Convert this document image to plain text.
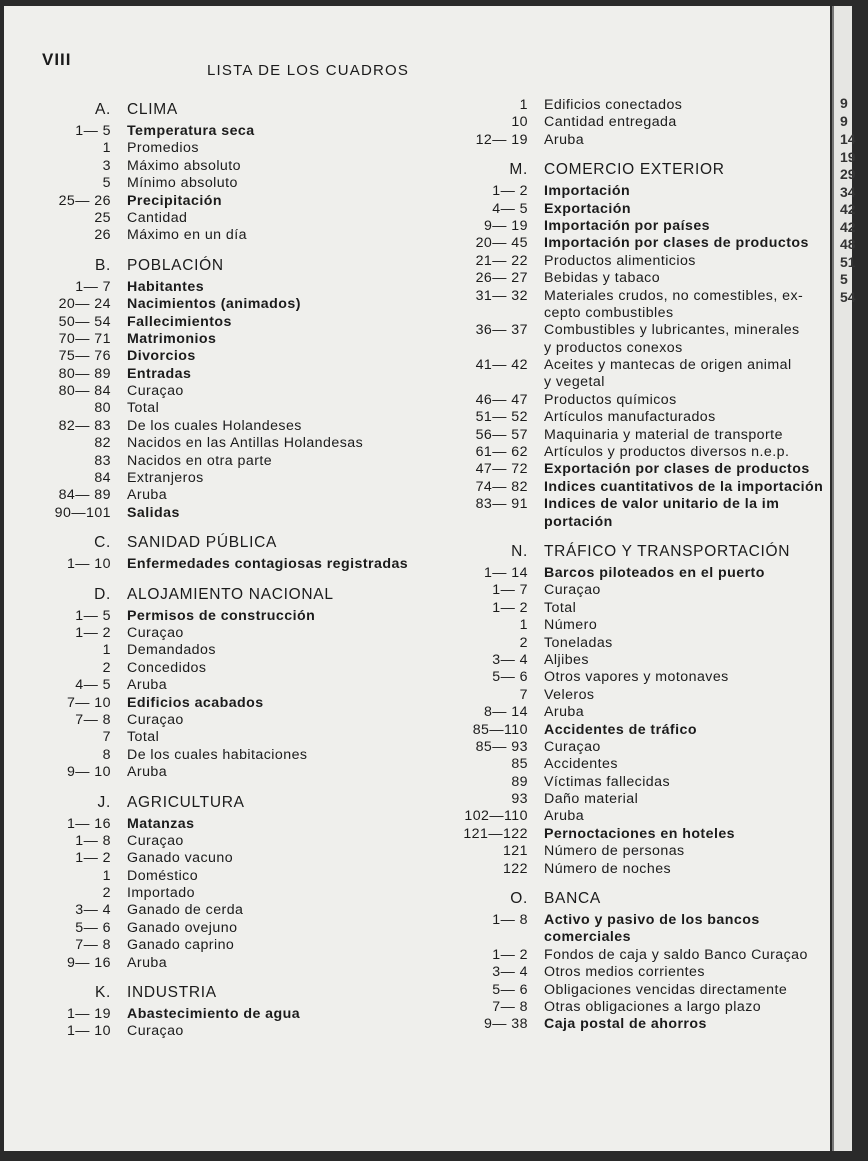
VIII
LISTA DE LOS CUADROS
A. CLIMA
1— 5 Temperatura seca
1 Promedios
3 Máximo absoluto
5 Mínimo absoluto
25— 26 Precipitación
25 Cantidad
26 Máximo en un día
B. POBLACIÓN
1— 7 Habitantes
20— 24 Nacimientos (animados)
50— 54 Fallecimientos
70— 71 Matrimonios
75— 76 Divorcios
80— 89 Entradas
80— 84 Curaçao
80 Total
82— 83 De los cuales Holandeses
82 Nacidos en las Antillas Holandesas
83 Nacidos en otra parte
84 Extranjeros
84— 89 Aruba
90—101 Salidas
C. SANIDAD PÚBLICA
1— 10 Enfermedades contagiosas registradas
D. ALOJAMIENTO NACIONAL
1— 5 Permisos de construcción
1— 2 Curaçao
1 Demandados
2 Concedidos
4— 5 Aruba
7— 10 Edificios acabados
7— 8 Curaçao
7 Total
8 De los cuales habitaciones
9— 10 Aruba
J. AGRICULTURA
1— 16 Matanzas
1— 8 Curaçao
1— 2 Ganado vacuno
1 Doméstico
2 Importado
3— 4 Ganado de cerda
5— 6 Ganado ovejuno
7— 8 Ganado caprino
9— 16 Aruba
K. INDUSTRIA
1— 19 Abastecimiento de agua
1— 10 Curaçao
1 Edificios conectados
10 Cantidad entregada
12— 19 Aruba
M. COMERCIO EXTERIOR
1— 2 Importación
4— 5 Exportación
9— 19 Importación por países
20— 45 Importación por clases de productos
21— 22 Productos alimenticios
26— 27 Bebidas y tabaco
31— 32 Materiales crudos, no comestibles, ex-
cepto combustibles
36— 37 Combustibles y lubricantes, minerales
y productos conexos
41— 42 Aceites y mantecas de origen animal
y vegetal
46— 47 Productos químicos
51— 52 Artículos manufacturados
56— 57 Maquinaria y material de transporte
61— 62 Artículos y productos diversos n.e.p.
47— 72 Exportación por clases de productos
74— 82 Indices cuantitativos de la importación
83— 91 Indices de valor unitario de la im
portación
N. TRÁFICO Y TRANSPORTACIÓN
1— 14 Barcos piloteados en el puerto
1— 7 Curaçao
1— 2 Total
1 Número
2 Toneladas
3— 4 Aljibes
5— 6 Otros vapores y motonaves
7 Veleros
8— 14 Aruba
85—110 Accidentes de tráfico
85— 93 Curaçao
85 Accidentes
89 Víctimas fallecidas
93 Daño material
102—110 Aruba
121—122 Pernoctaciones en hoteles
121 Número de personas
122 Número de noches
O. BANCA
1— 8 Activo y pasivo de los bancos
comerciales
1— 2 Fondos de caja y saldo Banco Curaçao
3— 4 Otros medios corrientes
5— 6 Obligaciones vencidas directamente
7— 8 Otras obligaciones a largo plazo
9— 38 Caja postal de ahorros
9
9
14
19
29
34
42
42
48
51
5
54
